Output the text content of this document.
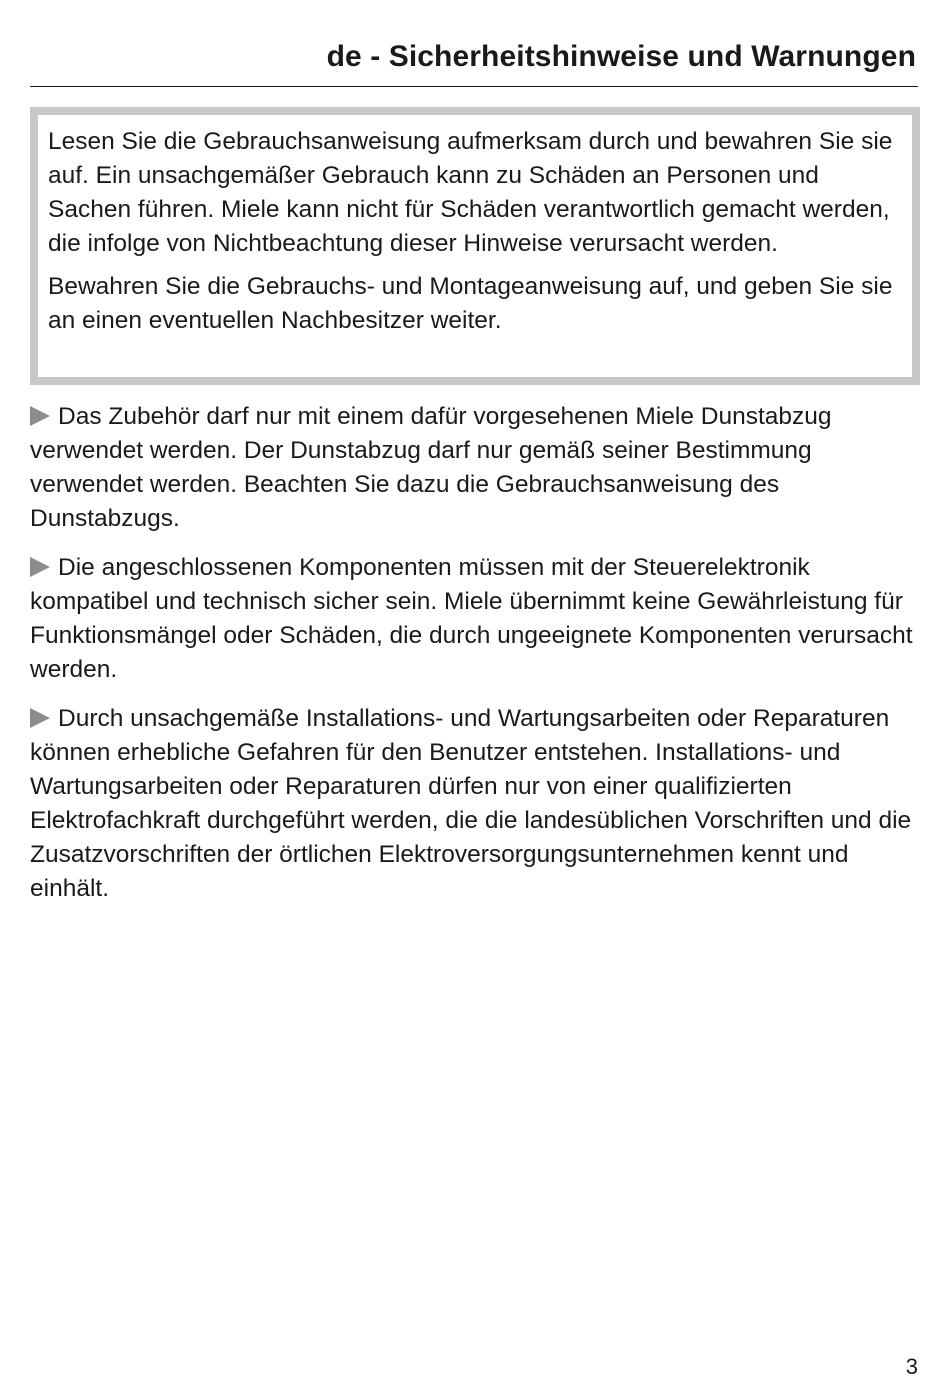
de - Sicherheitshinweise und Warnungen

Lesen Sie die Gebrauchsanweisung aufmerksam durch und bewahren Sie sie auf. Ein unsachgemäßer Gebrauch kann zu Schäden an Personen und Sachen führen. Miele kann nicht für Schäden verantwortlich gemacht werden, die infolge von Nichtbeachtung dieser Hinweise verursacht werden.

Bewahren Sie die Gebrauchs- und Montageanweisung auf, und geben Sie sie an einen eventuellen Nachbesitzer weiter.

Das Zubehör darf nur mit einem dafür vorgesehenen Miele Dunstabzug verwendet werden. Der Dunstabzug darf nur gemäß seiner Bestimmung verwendet werden. Beachten Sie dazu die Gebrauchsanweisung des Dunstabzugs.

Die angeschlossenen Komponenten müssen mit der Steuerelektronik kompatibel und technisch sicher sein. Miele übernimmt keine Gewährleistung für Funktionsmängel oder Schäden, die durch ungeeignete Komponenten verursacht werden.

Durch unsachgemäße Installations- und Wartungsarbeiten oder Reparaturen können erhebliche Gefahren für den Benutzer entstehen. Installations- und Wartungsarbeiten oder Reparaturen dürfen nur von einer qualifizierten Elektrofachkraft durchgeführt werden, die die landesüblichen Vorschriften und die Zusatzvorschriften der örtlichen Elektroversorgungsunternehmen kennt und einhält.

3
